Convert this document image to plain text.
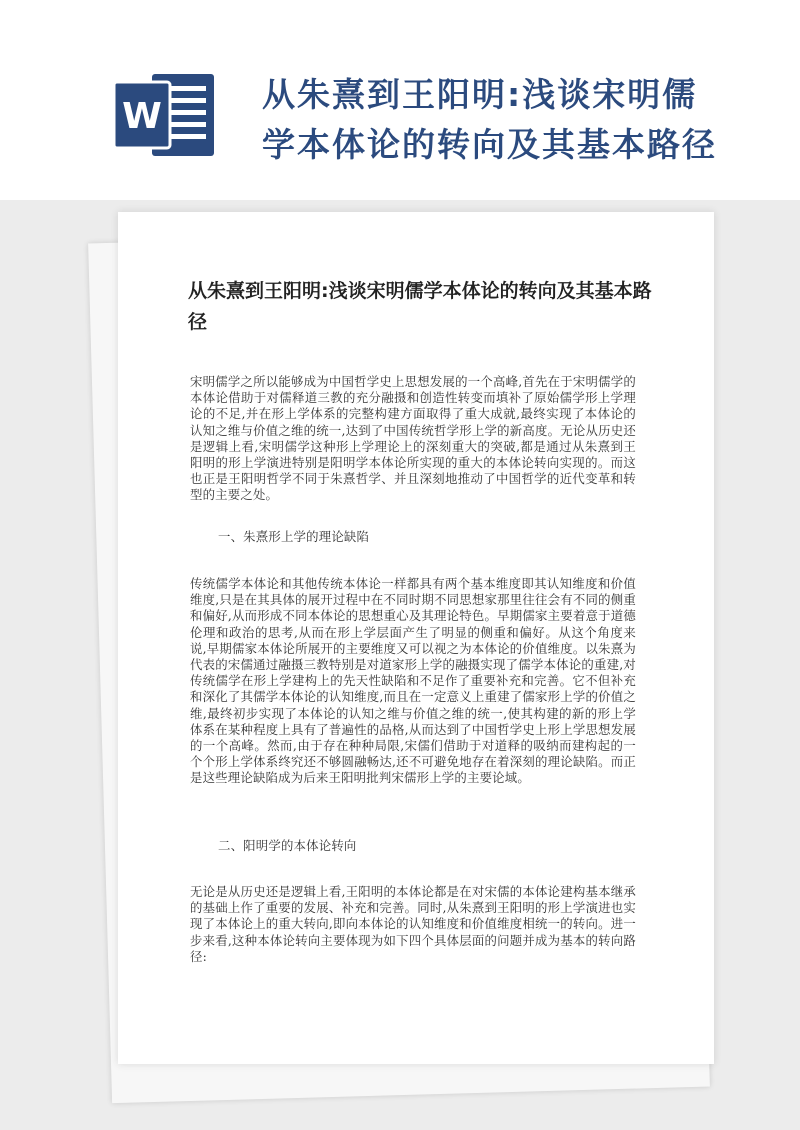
W
从朱熹到王阳明:浅谈宋明儒学本体论的转向及其基本路径
从朱熹到王阳明:浅谈宋明儒学本体论的转向及其基本路径
宋明儒学之所以能够成为中国哲学史上思想发展的一个高峰,首先在于宋明儒学的本体论借助于对儒释道三教的充分融摄和创造性转变而填补了原始儒学形上学理论的不足,并在形上学体系的完整构建方面取得了重大成就,最终实现了本体论的认知之维与价值之维的统一,达到了中国传统哲学形上学的新高度。无论从历史还是逻辑上看,宋明儒学这种形上学理论上的深刻重大的突破,都是通过从朱熹到王阳明的形上学演进特别是阳明学本体论所实现的重大的本体论转向实现的。而这也正是王阳明哲学不同于朱熹哲学、并且深刻地推动了中国哲学的近代变革和转型的主要之处。
一、朱熹形上学的理论缺陷
传统儒学本体论和其他传统本体论一样都具有两个基本维度即其认知维度和价值维度,只是在其具体的展开过程中在不同时期不同思想家那里往往会有不同的侧重和偏好,从而形成不同本体论的思想重心及其理论特色。早期儒家主要着意于道德伦理和政治的思考,从而在形上学层面产生了明显的侧重和偏好。从这个角度来说,早期儒家本体论所展开的主要维度又可以视之为本体论的价值维度。以朱熹为代表的宋儒通过融摄三教特别是对道家形上学的融摄实现了儒学本体论的重建,对传统儒学在形上学建构上的先天性缺陷和不足作了重要补充和完善。它不但补充和深化了其儒学本体论的认知维度,而且在一定意义上重建了儒家形上学的价值之维,最终初步实现了本体论的认知之维与价值之维的统一,使其构建的新的形上学体系在某种程度上具有了普遍性的品格,从而达到了中国哲学史上形上学思想发展的一个高峰。然而,由于存在种种局限,宋儒们借助于对道释的吸纳而建构起的一个个形上学体系终究还不够圆融畅达,还不可避免地存在着深刻的理论缺陷。而正是这些理论缺陷成为后来王阳明批判宋儒形上学的主要论域。
二、阳明学的本体论转向
无论是从历史还是逻辑上看,王阳明的本体论都是在对宋儒的本体论建构基本继承的基础上作了重要的发展、补充和完善。同时,从朱熹到王阳明的形上学演进也实现了本体论上的重大转向,即向本体论的认知维度和价值维度相统一的转向。进一步来看,这种本体论转向主要体现为如下四个具体层面的问题并成为基本的转向路径:
